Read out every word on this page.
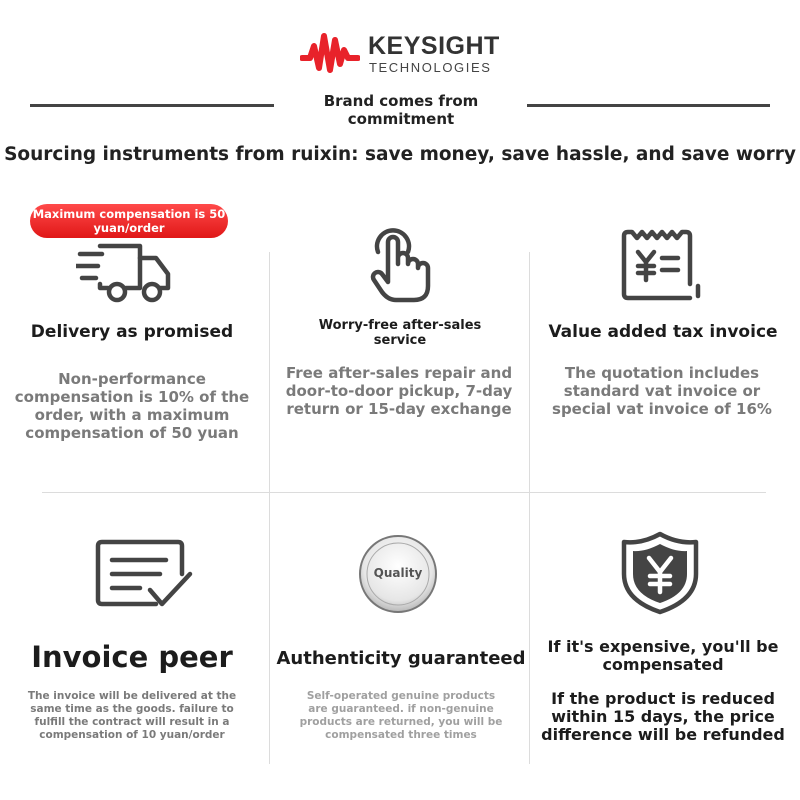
KEYSIGHT
TECHNOLOGIES
Brand comes from commitment
Sourcing instruments from ruixin: save money, save hassle, and save worry
Maximum compensation is 50 yuan/order
Delivery as promised
Non-performance compensation is 10% of the order, with a maximum compensation of 50 yuan
Worry-free after-sales service
Free after-sales repair and door-to-door pickup, 7-day return or 15-day exchange
Value added tax invoice
The quotation includes standard vat invoice or special vat invoice of 16%
Invoice peer
The invoice will be delivered at the same time as the goods. failure to fulfill the contract will result in a compensation of 10 yuan/order
Quality
Authenticity guaranteed
Self-operated genuine products are guaranteed. if non-genuine products are returned, you will be compensated three times
If it's expensive, you'll be compensated
If the product is reduced within 15 days, the price difference will be refunded
